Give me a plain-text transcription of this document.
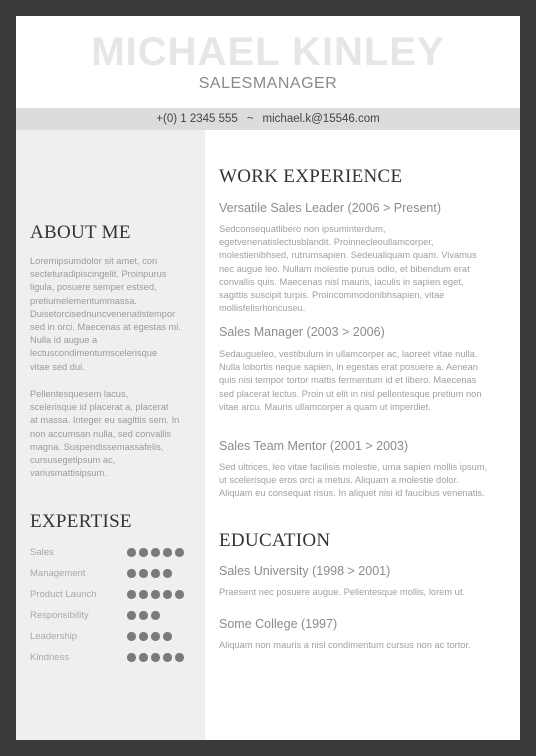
MICHAEL KINLEY
SALESMANAGER
+(0) 1 2345 555 ~ michael.k@15546.com
ABOUT ME
Loremipsumdolor sit amet, con
secteturadipiscingelit. Proinpurus
ligula, posuere semper estsed,
pretiumelementummassa.
Duisetorcisednuncvenenatistempor
sed in orci. Maecenas at egestas mi.
Nulla id augue a
lectuscondimentumscelerisque
vitae sed dui.
Pellentesquesem lacus,
scelerisque id placerat a, placerat
at massa. Integer eu sagittis sem. In
non accumsan nulla, sed convallis
magna. Suspendissemassafelis,
cursusegetipsum ac,
variusmattisipsum.
EXPERTISE
Sales
Management
Product Launch
Responsibility
Leadership
Kindness
WORK EXPERIENCE
Versatile Sales Leader (2006 > Present)
Sedconsequatlibero non ipsuminterdum,
egetvenenatislectusblandit. Proinnecleoullamcorper,
molestienibhsed, rutrumsapien. Sedeualiquam quam. Vivamus
nec augue leo. Nullam molestie purus odio, et bibendum erat
convallis quis. Maecenas nisl mauris, iaculis in sapien eget,
sagittis suscipit turpis. Proincommodonibhsapien, vitae
mollisfelisrhoncuseu.
Sales Manager (2003 > 2006)
Sedaugueleo, vestibulum in ullamcorper ac, laoreet vitae nulla.
Nulla lobortis neque sapien, in egestas erat posuere a. Aenean
quis nisi tempor tortor mattis fermentum id et libero. Maecenas
sed placerat lectus. Proin ut elit in nisl pellentesque pretium non
vitae arcu. Mauris ullamcorper a quam ut imperdiet.
Sales Team Mentor (2001 > 2003)
Sed ultrices, leo vitae facilisis molestie, urna sapien mollis ipsum,
ut scelerisque eros orci a metus. Aliquam a molestie dolor.
Aliquam eu consequat risus. In aliquet nisi id faucibus venenatis.
EDUCATION
Sales University (1998 > 2001)
Praesent nec posuere augue. Pellentesque mollis, lorem ut.
Some College (1997)
Aliquam non mauris a nisl condimentum cursus non ac tortor.
